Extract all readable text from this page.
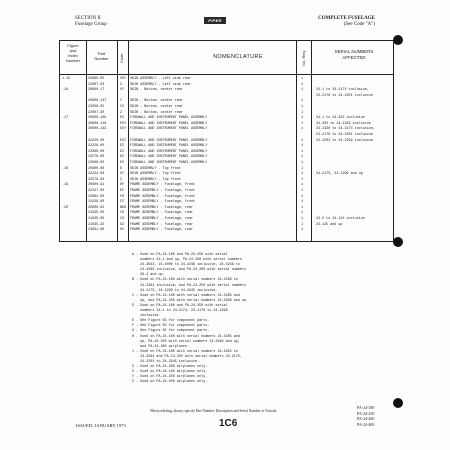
SECTION II
Fuselage Group
PIPER	COMPLETE FUSELAGE
(See Code "A")
Figure
and
Index
Number
Part
Number	Code	NOMENCLATURE	No. Req.	SERIAL NUMBERS
AFFECTED
1-15	20600-05	VXY	SKIN ASSEMBLY - Left side rear	1
22607-03	Z	SKIN ASSEMBLY - Left side rear	1
-16	20600-17	XY	SKIN - Bottom, center rear	1	24-1 to 24-2174 inclusive,
24-2176 to 24-2201 inclusive
20600-147	Y	SKIN - Bottom, center rear	1
23056-05	CV	SKIN - Bottom, center rear	1
22607-30	Z	SKIN - Bottom, center rear	1
-17	20600-109	EX	FIREWALL AND INSTRUMENT PANEL ASSEMBLY	1	24-1 to 24-302 inclusive
20600-119	EXY	FIREWALL AND INSTRUMENT PANEL ASSEMBLY	1	24-303 to 24-1329 inclusive
20600-143	EXY	FIREWALL AND INSTRUMENT PANEL ASSEMBLY	1	24-1330 to 24-2174 inclusive,
24-2176 to 24-2201 inclusive
22220-00	EXY	FIREWALL AND INSTRUMENT PANEL ASSEMBLY	1	24-2202 to 24-2299 inclusive
22226-00	EZ	FIREWALL AND INSTRUMENT PANEL ASSEMBLY	1
23066-00	EZ	FIREWALL AND INSTRUMENT PANEL ASSEMBLY	1
22579-00	EZ	FIREWALL AND INSTRUMENT PANEL ASSEMBLY	1
23068-02	EV	FIREWALL AND INSTRUMENT PANEL ASSEMBLY	1
-18	20600-08	D	SKIN ASSEMBLY - Top front	1
22224-03	XY	SKIN ASSEMBLY - Top front	1	24-2175, 24-2299 and up
22579-03	Z	SKIN ASSEMBLY - Top front	1
-19	20600-91	DF	FRAME ASSEMBLY - Fuselage, front	1
22247-00	EF	FRAME ASSEMBLY - Fuselage, front	1
23062-00	FH	FRAME ASSEMBLY - Fuselage, front	1
22429-00	FZ	FRAME ASSEMBLY - Fuselage, front	1
-20	20600-92	BDG	FRAME ASSEMBLY - Fuselage, rear	1
21935-00	CG	FRAME ASSEMBLY - Fuselage, rear	1
21635-00	CG	FRAME ASSEMBLY - Fuselage, rear	1	24-2 to 24-124 inclusive
21635-22	GZ	FRAME ASSEMBLY - Fuselage, rear	1	24-125 and up
24831-00	GV	FRAME ASSEMBLY - Fuselage, rear	1
A - Used on PA-24-180 and PA-24-250 with serial
numbers 24-1 and up, PA-24-260 with serial numbers
24-3642, 24-4000 to 24-4246 inclusive, 24-4248 to
24-4299 inclusive, and PA-24-400 with serial numbers
26-2 and up.
B - Used on PA-24-180 with serial numbers 24-2299 to
24-3284 inclusive, and PA-24-250 with serial numbers
24-2175, 24-2299 to 24-2945 inclusive.
C - Used on PA-24-180 with serial numbers 24-3285 and
up, and PA-24-250 with serial numbers 24-2946 and up.
D - Used on PA-24-180 and PA-24-250 with serial
numbers 24-1 to 24-2174, 24-2176 to 24-2298
inclusive.
E - See Figure 5G for component parts.
F - See Figure 5D for component parts.
G - See Figure 5E for component parts.
H - Used on PA-24-180 with serial numbers 24-3285 and
up, PA-24-250 with serial numbers 24-2946 and up,
and PA-24-260 airplanes.
J - Used on PA-24-180 with serial numbers 24-2202 to
24-3284 and PA-24-250 with serial numbers 24-2175,
24-2202 to 24-2945 inclusive.
V - Used on PA-24-260 airplanes only.
X - Used on PA-24-180 airplanes only.
Y - Used on PA-24-250 airplanes only.
Z - Used on PA-24-400 airplanes only.
When ordering, always specify Part Number, Description and Serial Number of Aircraft.
ISSUED: JANUARY 1973	1C6
PA-24-180
PA-24-250
PA-24-260
PA-24-400
